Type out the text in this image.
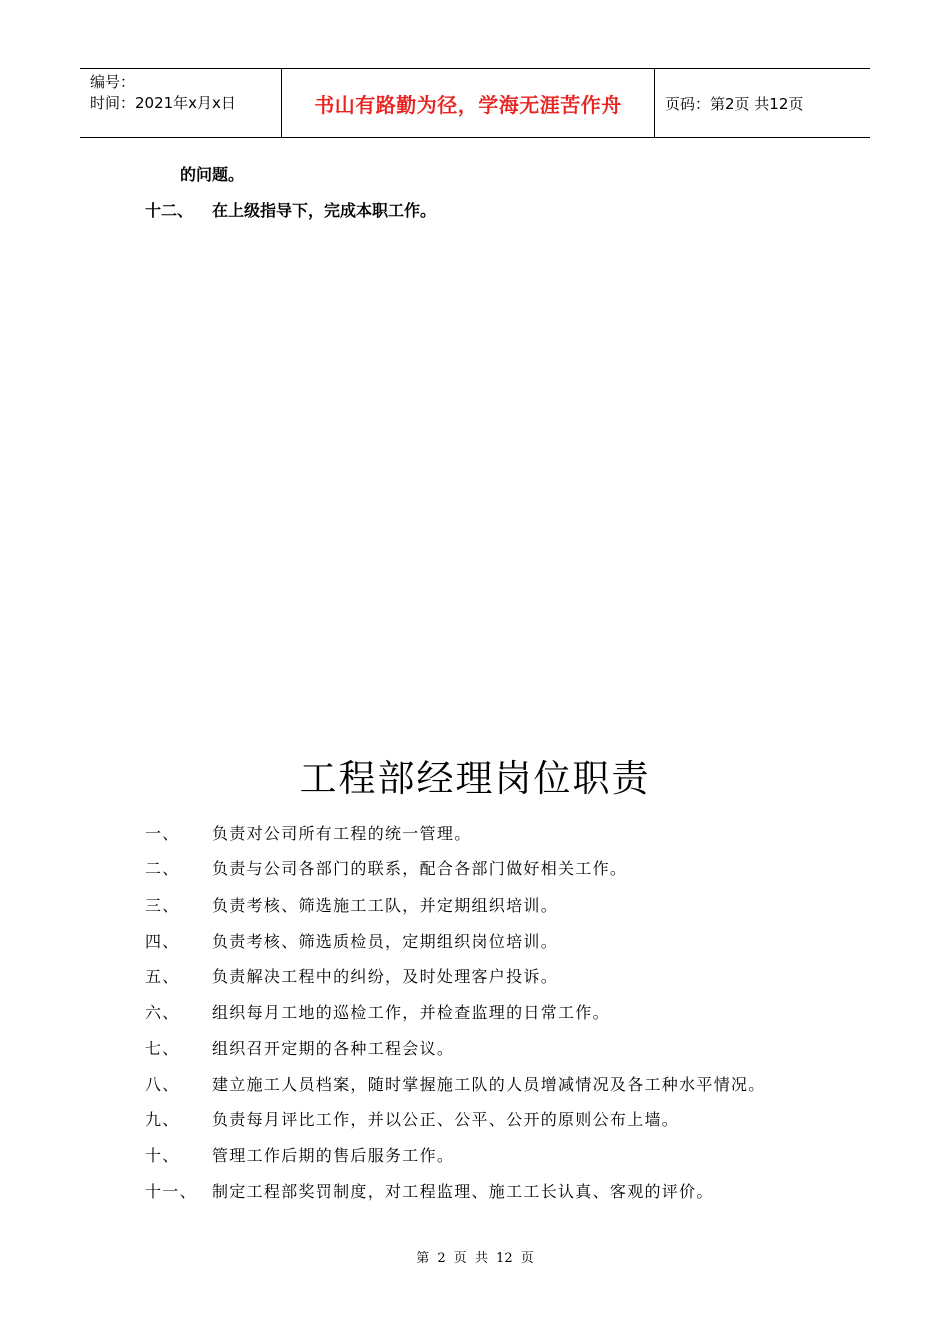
编号：
时间：2021年x月x日	书山有路勤为径，学海无涯苦作舟	页码：第2页 共12页
的问题。
十二、 在上级指导下，完成本职工作。
工程部经理岗位职责
一、 负责对公司所有工程的统一管理。
二、 负责与公司各部门的联系，配合各部门做好相关工作。
三、 负责考核、筛选施工工队，并定期组织培训。
四、 负责考核、筛选质检员，定期组织岗位培训。
五、 负责解决工程中的纠纷，及时处理客户投诉。
六、 组织每月工地的巡检工作，并检查监理的日常工作。
七、 组织召开定期的各种工程会议。
八、 建立施工人员档案，随时掌握施工队的人员增减情况及各工种水平情况。
九、 负责每月评比工作，并以公正、公平、公开的原则公布上墙。
十、 管理工作后期的售后服务工作。
十一、 制定工程部奖罚制度，对工程监理、施工工长认真、客观的评价。
第 2 页 共 12 页
